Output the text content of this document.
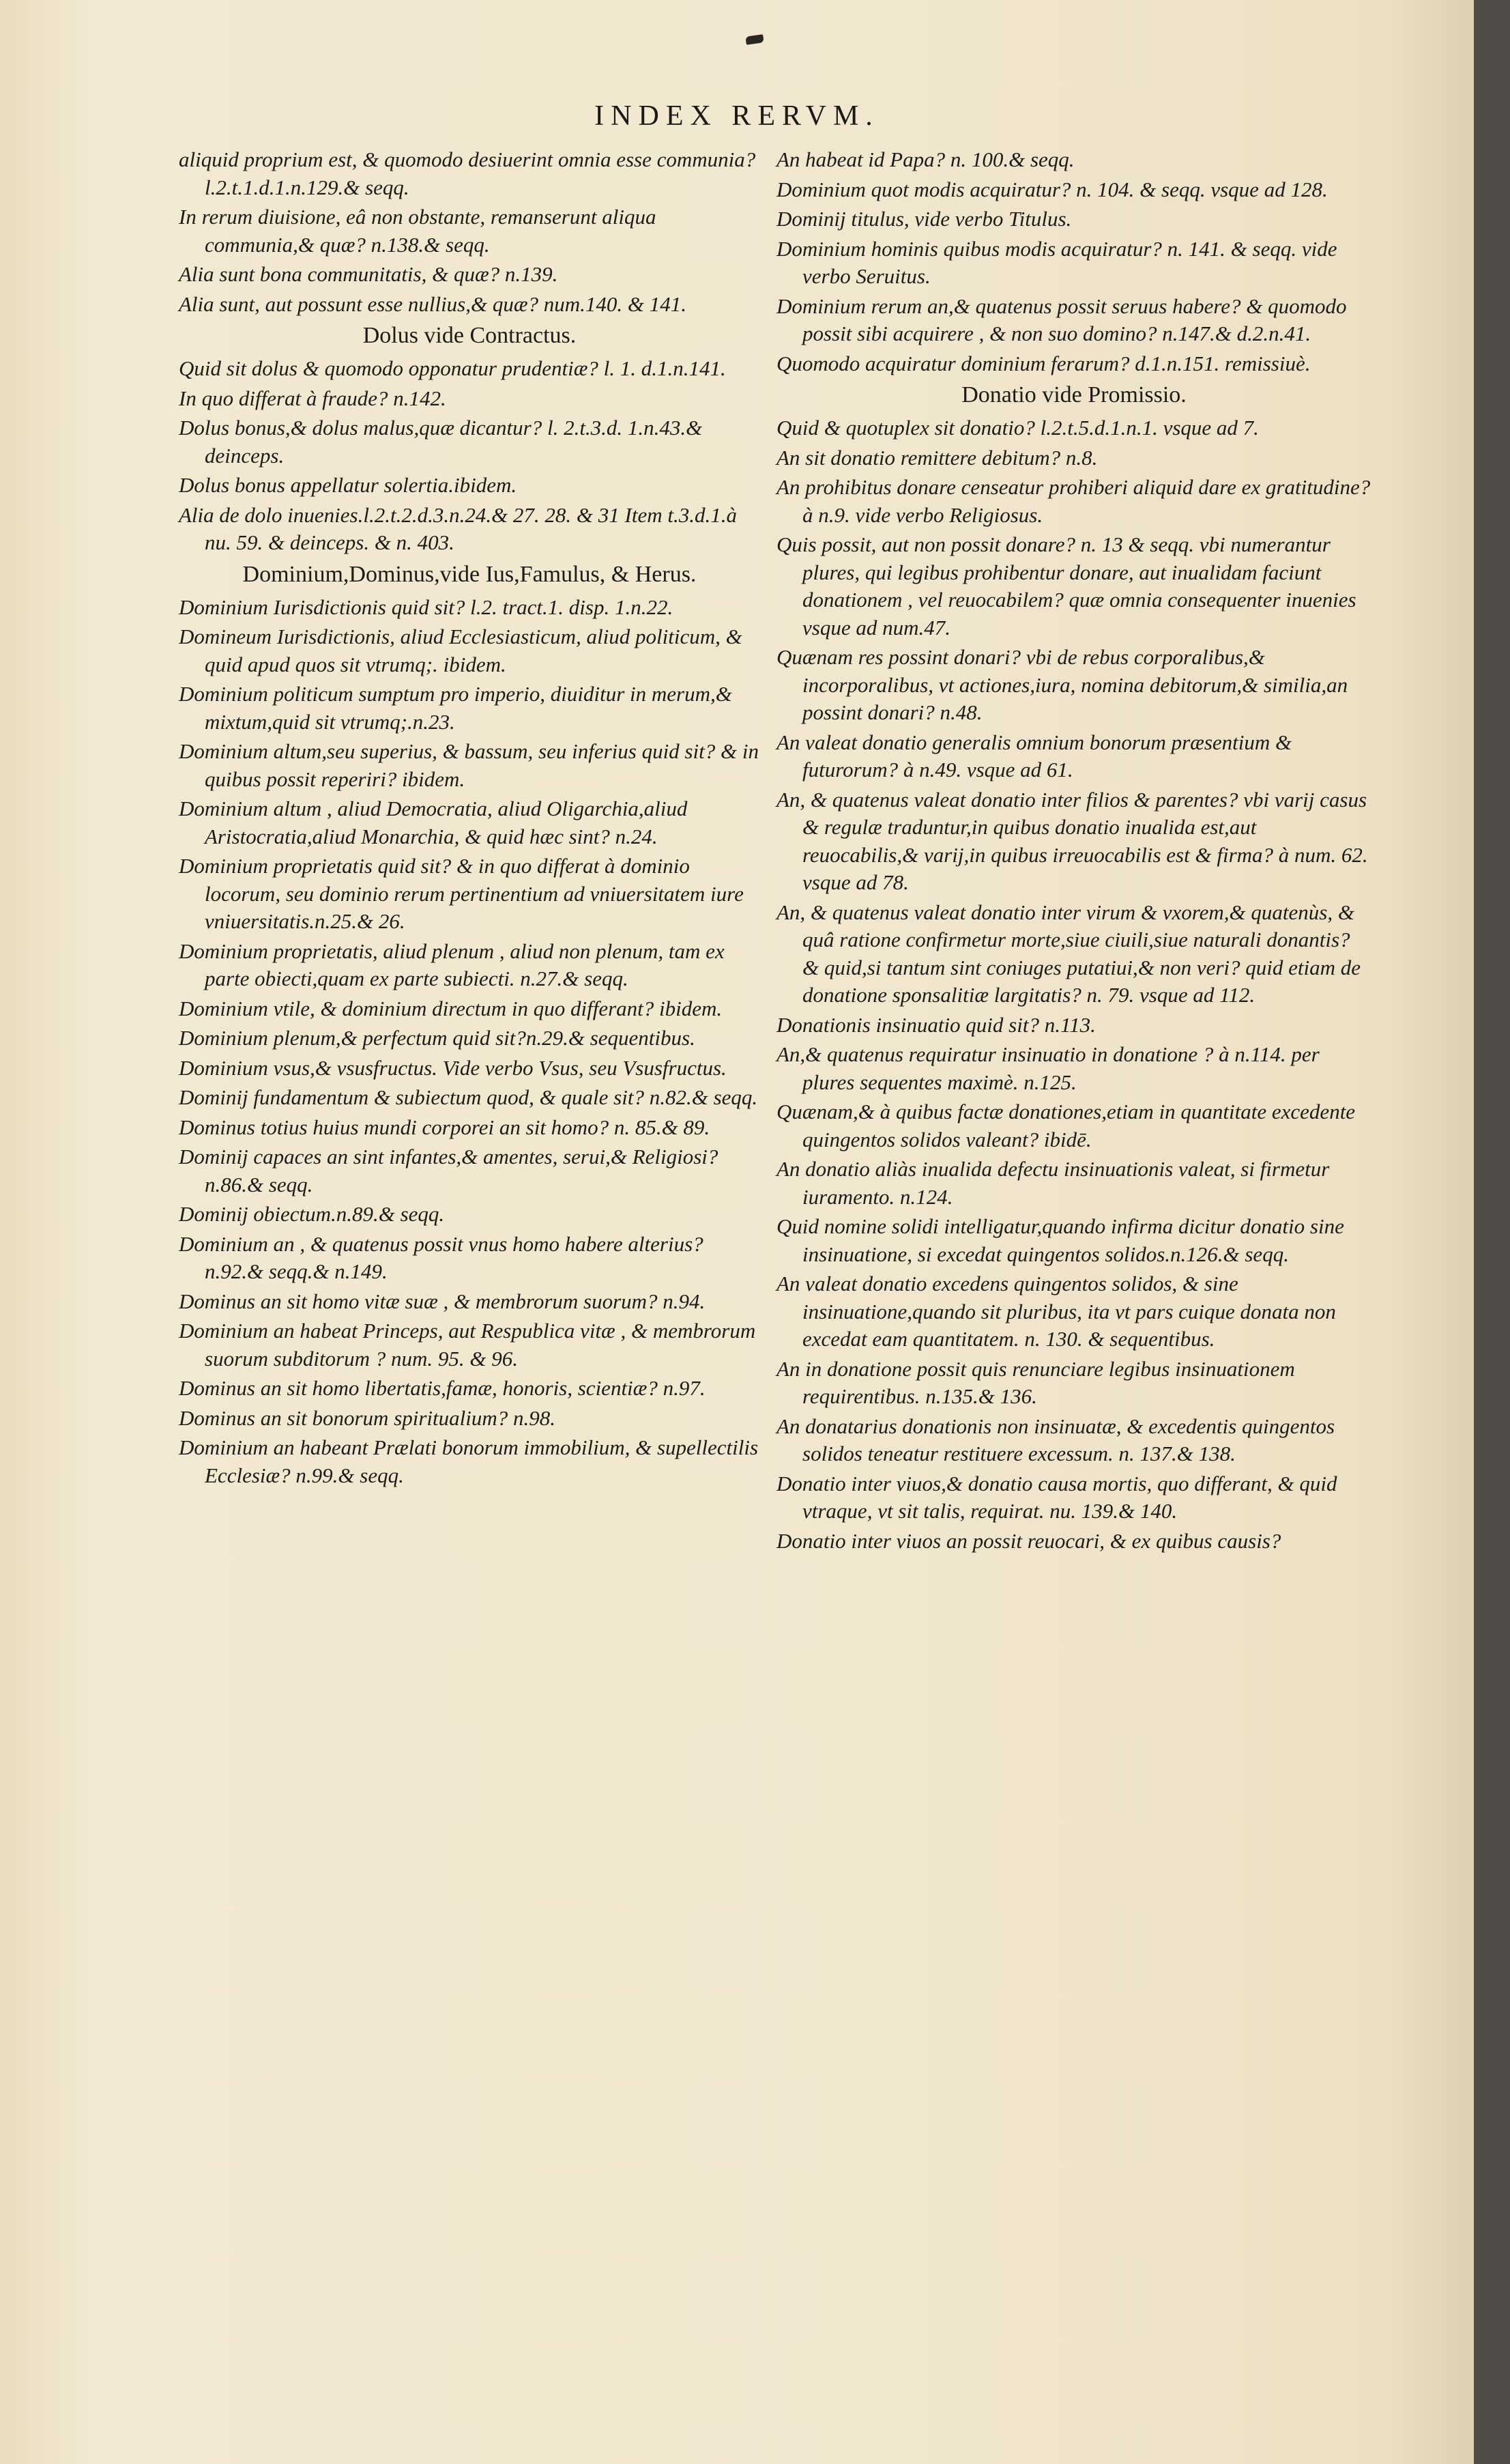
INDEX RERVM.

aliquid proprium est, & quomodo desiuerint omnia esse communia? l.2.t.1.d.1.n.129.& seqq.

In rerum diuisione, eâ non obstante, remanserunt aliqua communia,& quæ? n.138.& seqq.

Alia sunt bona communitatis, & quæ? n.139.

Alia sunt, aut possunt esse nullius,& quæ? num.140. & 141.

Dolus vide Contractus.

Quid sit dolus & quomodo opponatur prudentiæ? l. 1. d.1.n.141.

In quo differat à fraude? n.142.

Dolus bonus,& dolus malus,quæ dicantur? l. 2.t.3.d. 1.n.43.& deinceps.

Dolus bonus appellatur solertia.ibidem.

Alia de dolo inuenies.l.2.t.2.d.3.n.24.& 27. 28. & 31 Item t.3.d.1.à nu. 59. & deinceps. & n. 403.

Dominium,Dominus,vide Ius,Famulus, & Herus.

Dominium Iurisdictionis quid sit? l.2. tract.1. disp. 1.n.22.

Domineum Iurisdictionis, aliud Ecclesiasticum, aliud politicum, & quid apud quos sit vtrumq;. ibidem.

Dominium politicum sumptum pro imperio, diuiditur in merum,& mixtum,quid sit vtrumq;.n.23.

Dominium altum,seu superius, & bassum, seu inferius quid sit? & in quibus possit reperiri? ibidem.

Dominium altum , aliud Democratia, aliud Oligarchia,aliud Aristocratia,aliud Monarchia, & quid hæc sint? n.24.

Dominium proprietatis quid sit? & in quo differat à dominio locorum, seu dominio rerum pertinentium ad vniuersitatem iure vniuersitatis.n.25.& 26.

Dominium proprietatis, aliud plenum , aliud non plenum, tam ex parte obiecti,quam ex parte subiecti. n.27.& seqq.

Dominium vtile, & dominium directum in quo differant? ibidem.

Dominium plenum,& perfectum quid sit?n.29.& sequentibus.

Dominium vsus,& vsusfructus. Vide verbo Vsus, seu Vsusfructus.

Dominij fundamentum & subiectum quod, & quale sit? n.82.& seqq.

Dominus totius huius mundi corporei an sit homo? n. 85.& 89.

Dominij capaces an sint infantes,& amentes, serui,& Religiosi? n.86.& seqq.

Dominij obiectum.n.89.& seqq.

Dominium an , & quatenus possit vnus homo habere alterius? n.92.& seqq.& n.149.

Dominus an sit homo vitæ suæ , & membrorum suorum? n.94.

Dominium an habeat Princeps, aut Respublica vitæ , & membrorum suorum subditorum ? num. 95. & 96.

Dominus an sit homo libertatis,famæ, honoris, scientiæ? n.97.

Dominus an sit bonorum spiritualium? n.98.

Dominium an habeant Prælati bonorum immobilium, & supellectilis Ecclesiæ? n.99.& seqq.

An habeat id Papa? n. 100.& seqq.

Dominium quot modis acquiratur? n. 104. & seqq. vsque ad 128.

Dominij titulus, vide verbo Titulus.

Dominium hominis quibus modis acquiratur? n. 141. & seqq. vide verbo Seruitus.

Dominium rerum an,& quatenus possit seruus habere? & quomodo possit sibi acquirere , & non suo domino? n.147.& d.2.n.41.

Quomodo acquiratur dominium ferarum? d.1.n.151. remissiuè.

Donatio vide Promissio.

Quid & quotuplex sit donatio? l.2.t.5.d.1.n.1. vsque ad 7.

An sit donatio remittere debitum? n.8.

An prohibitus donare censeatur prohiberi aliquid dare ex gratitudine? à n.9. vide verbo Religiosus.

Quis possit, aut non possit donare? n. 13 & seqq. vbi numerantur plures, qui legibus prohibentur donare, aut inualidam faciunt donationem , vel reuocabilem? quæ omnia consequenter inuenies vsque ad num.47.

Quænam res possint donari? vbi de rebus corporalibus,& incorporalibus, vt actiones,iura, nomina debitorum,& similia,an possint donari? n.48.

An valeat donatio generalis omnium bonorum præsentium & futurorum? à n.49. vsque ad 61.

An, & quatenus valeat donatio inter filios & parentes? vbi varij casus & regulæ traduntur,in quibus donatio inualida est,aut reuocabilis,& varij,in quibus irreuocabilis est & firma? à num. 62. vsque ad 78.

An, & quatenus valeat donatio inter virum & vxorem,& quatenùs, & quâ ratione confirmetur morte,siue ciuili,siue naturali donantis? & quid,si tantum sint coniuges putatiui,& non veri? quid etiam de donatione sponsalitiæ largitatis? n. 79. vsque ad 112.

Donationis insinuatio quid sit? n.113.

An,& quatenus requiratur insinuatio in donatione ? à n.114. per plures sequentes maximè. n.125.

Quænam,& à quibus factæ donationes,etiam in quantitate excedente quingentos solidos valeant? ibidē.

An donatio aliàs inualida defectu insinuationis valeat, si firmetur iuramento. n.124.

Quid nomine solidi intelligatur,quando infirma dicitur donatio sine insinuatione, si excedat quingentos solidos.n.126.& seqq.

An valeat donatio excedens quingentos solidos, & sine insinuatione,quando sit pluribus, ita vt pars cuique donata non excedat eam quantitatem. n. 130. & sequentibus.

An in donatione possit quis renunciare legibus insinuationem requirentibus. n.135.& 136.

An donatarius donationis non insinuatæ, & excedentis quingentos solidos teneatur restituere excessum. n. 137.& 138.

Donatio inter viuos,& donatio causa mortis, quo differant, & quid vtraque, vt sit talis, requirat. nu. 139.& 140.

Donatio inter viuos an possit reuocari, & ex quibus causis?
